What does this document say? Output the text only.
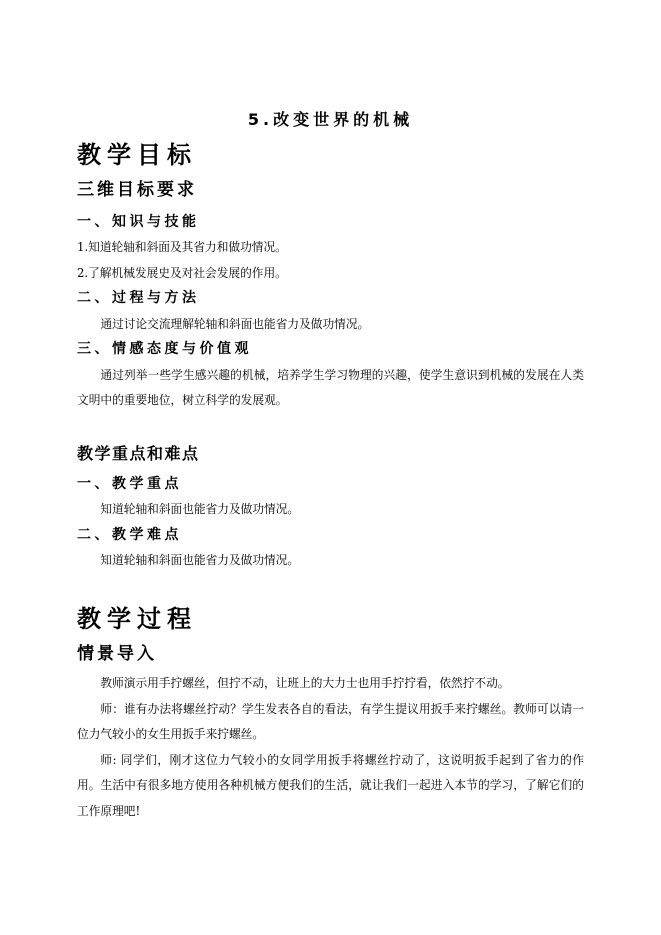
5.改变世界的机械
教学目标
三维目标要求
一、知识与技能

1.知道轮轴和斜面及其省力和做功情况。

2.了解机械发展史及对社会发展的作用。

二、过程与方法

通过讨论交流理解轮轴和斜面也能省力及做功情况。

三、情感态度与价值观

通过列举一些学生感兴趣的机械，培养学生学习物理的兴趣，使学生意识到机械的发展在人类文明中的重要地位，树立科学的发展观。

教学重点和难点
一、教学重点

知道轮轴和斜面也能省力及做功情况。

二、教学难点

知道轮轴和斜面也能省力及做功情况。

教学过程
情景导入

教师演示用手拧螺丝，但拧不动，让班上的大力士也用手拧拧看，依然拧不动。

师：谁有办法将螺丝拧动？学生发表各自的看法，有学生提议用扳手来拧螺丝。教师可以请一位力气较小的女生用扳手来拧螺丝。

师: 同学们，刚才这位力气较小的女同学用扳手将螺丝拧动了，这说明扳手起到了省力的作用。生活中有很多地方使用各种机械方便我们的生活，就让我们一起进入本节的学习，了解它们的工作原理吧!
